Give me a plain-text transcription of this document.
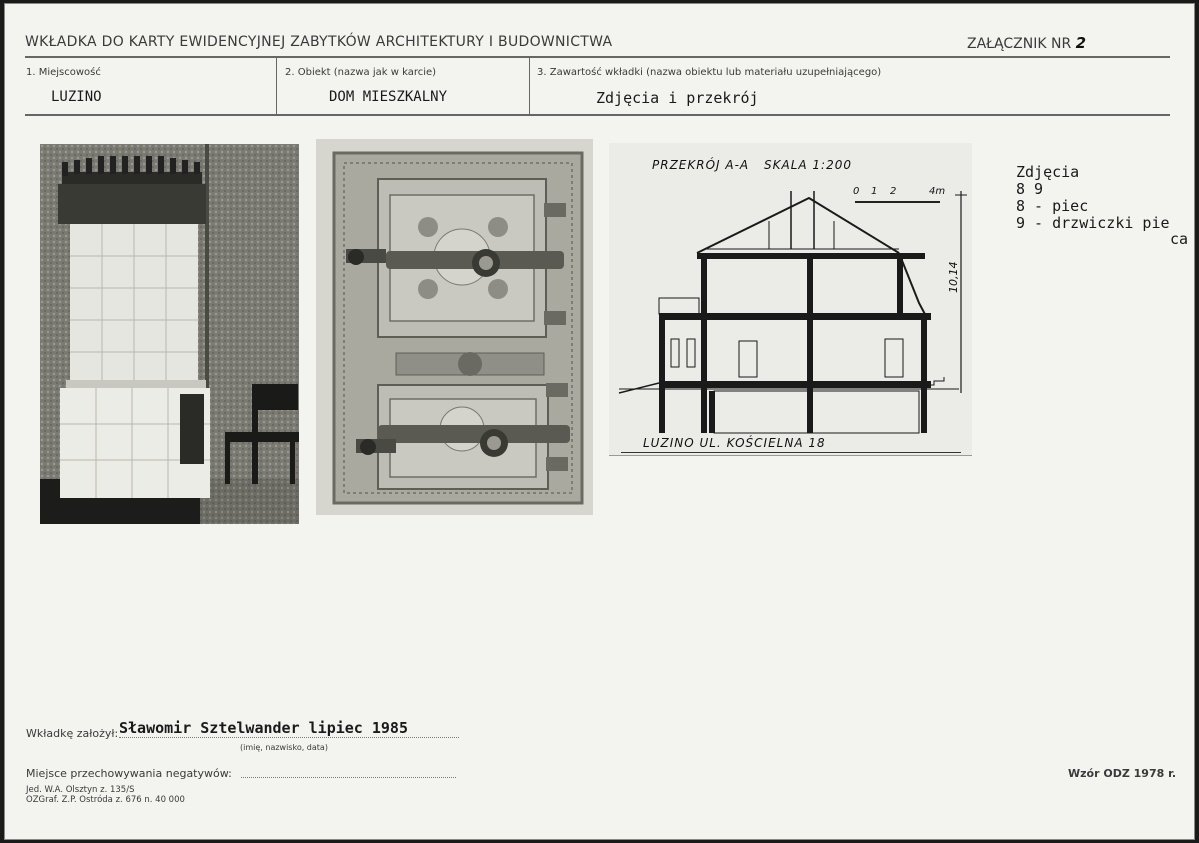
WKŁADKA DO KARTY EWIDENCYJNEJ ZABYTKÓW ARCHITEKTURY I BUDOWNICTWA	ZAŁĄCZNIK NR 2
1. Miejscowość
LUZINO
2. Obiekt (nazwa jak w karcie)
DOM MIESZKALNY
3. Zawartość wkładki (nazwa obiektu lub materiału uzupełniającego)
Zdjęcia i przekrój
PRZEKRÓJ A-A SKALA 1:200
0 1 2	4m
10,14
LUZINO UL. KOŚCIELNA 18
Zdjęcia
8 9
8 - piec
9 - drzwiczki pie
ca
Wkładkę założył: Sławomir Sztelwander lipiec 1985
(imię, nazwisko, data)
Miejsce przechowywania negatywów:
Jed. W.A. Olsztyn z. 135/S
OZGraf. Z.P. Ostróda z. 676 n. 40 000
Wzór ODZ 1978 r.
